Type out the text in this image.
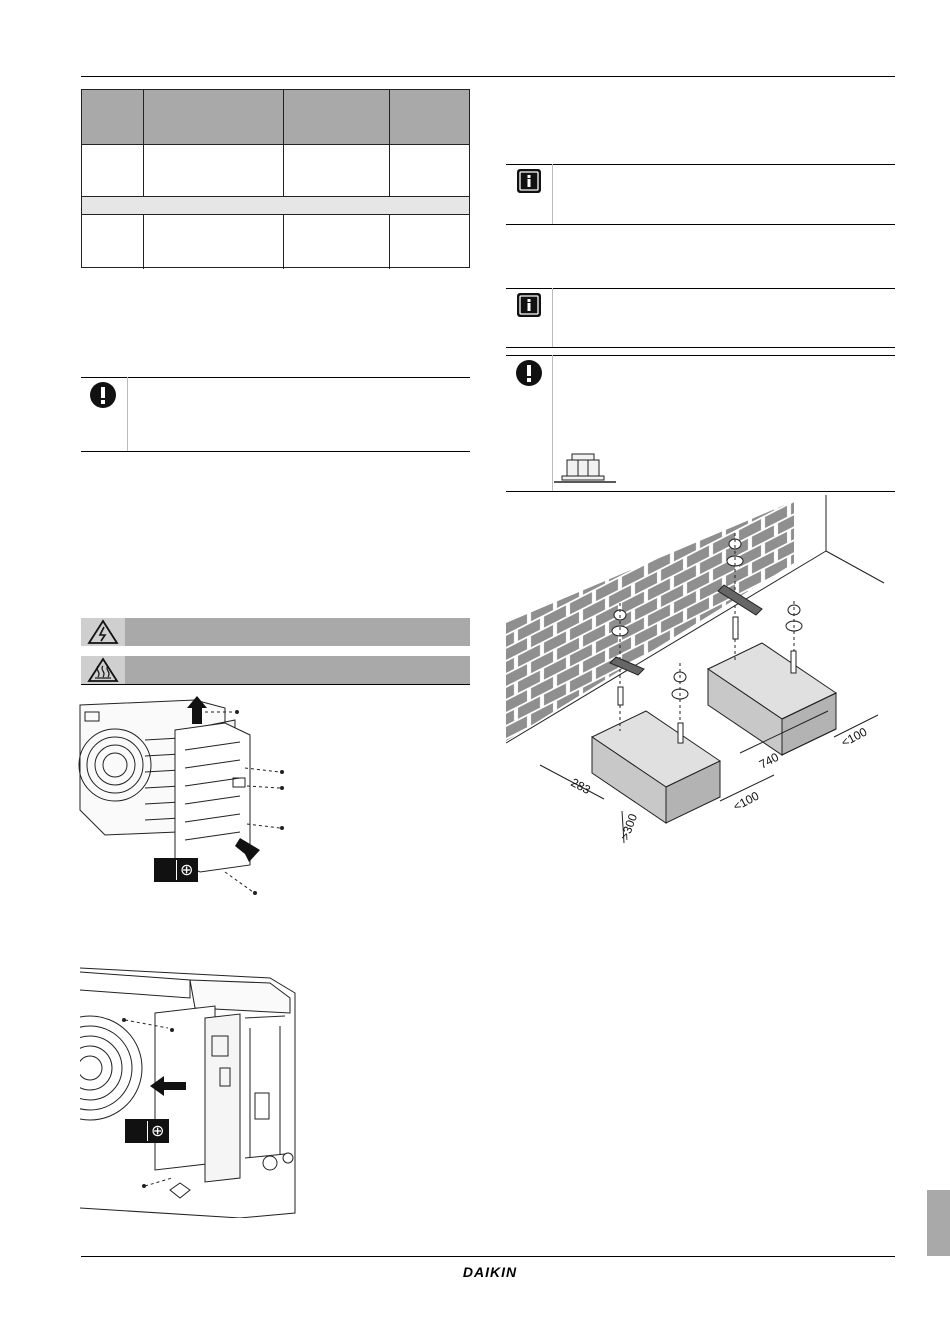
⊕
⊕
283
>300
<100
740
<100
DAIKIN
